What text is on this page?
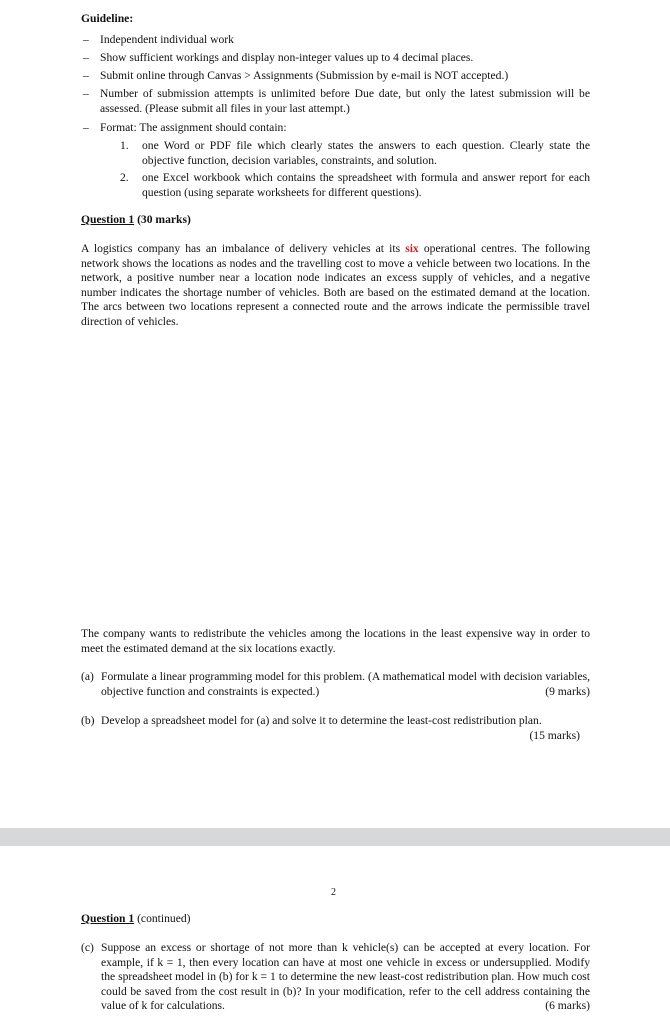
Guideline:
– Independent individual work
– Show sufficient workings and display non-integer values up to 4 decimal places.
– Submit online through Canvas > Assignments (Submission by e-mail is NOT accepted.)
– Number of submission attempts is unlimited before Due date, but only the latest submission will be assessed. (Please submit all files in your last attempt.)
– Format: The assignment should contain:
1. one Word or PDF file which clearly states the answers to each question. Clearly state the objective function, decision variables, constraints, and solution.
2. one Excel workbook which contains the spreadsheet with formula and answer report for each question (using separate worksheets for different questions).
Question 1 (30 marks)
A logistics company has an imbalance of delivery vehicles at its six operational centres. The following network shows the locations as nodes and the travelling cost to move a vehicle between two locations. In the network, a positive number near a location node indicates an excess supply of vehicles, and a negative number indicates the shortage number of vehicles. Both are based on the estimated demand at the location. The arcs between two locations represent a connected route and the arrows indicate the permissible travel direction of vehicles.
The company wants to redistribute the vehicles among the locations in the least expensive way in order to meet the estimated demand at the six locations exactly.
(a) Formulate a linear programming model for this problem. (A mathematical model with decision variables, objective function and constraints is expected.)	(9 marks)
(b) Develop a spreadsheet model for (a) and solve it to determine the least-cost redistribution plan.

(15 marks)
2
Question 1 (continued)
(c) Suppose an excess or shortage of not more than k vehicle(s) can be accepted at every location. For example, if k = 1, then every location can have at most one vehicle in excess or undersupplied. Modify the spreadsheet model in (b) for k = 1 to determine the new least-cost redistribution plan. How much cost could be saved from the cost result in (b)? In your modification, refer to the cell address containing the value of k for calculations.	(6 marks)
